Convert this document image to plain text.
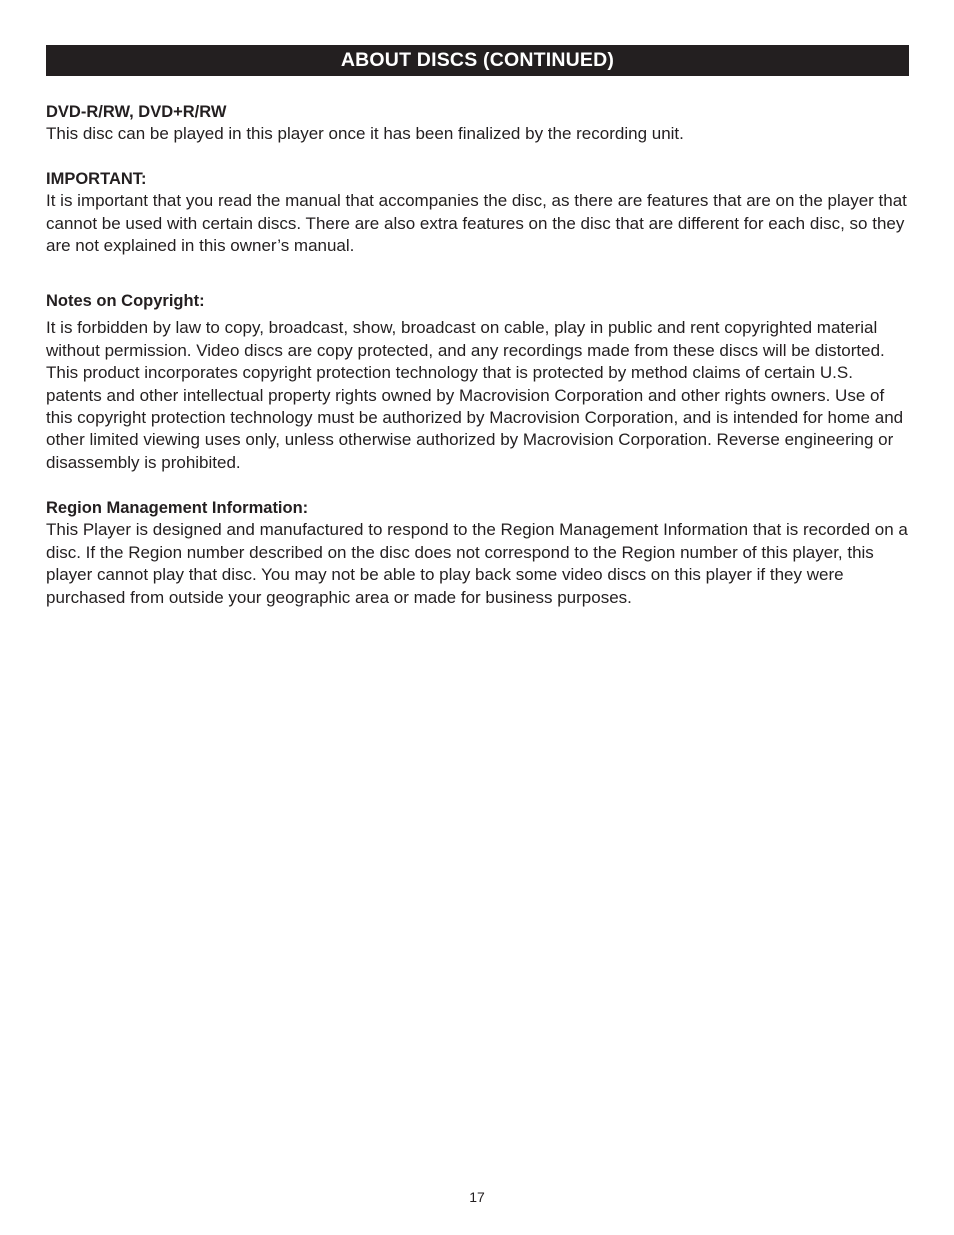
ABOUT DISCS (CONTINUED)

DVD-R/RW, DVD+R/RW

This disc can be played in this player once it has been finalized by the recording unit.

IMPORTANT:

It is important that you read the manual that accompanies the disc, as there are features that are on the player that cannot be used with certain discs. There are also extra features on the disc that are different for each disc, so they are not explained in this owner’s manual.

Notes on Copyright:

It is forbidden by law to copy, broadcast, show, broadcast on cable, play in public and rent copyrighted material without permission. Video discs are copy protected, and any recordings made from these discs will be distorted. This product incorporates copyright protection technology that is protected by method claims of certain U.S. patents and other intellectual property rights owned by Macrovision Corporation and other rights owners. Use of this copyright protection technology must be authorized by Macrovision Corporation, and is intended for home and other limited viewing uses only, unless otherwise authorized by Macrovision Corporation. Reverse engineering or disassembly is prohibited.

Region Management Information:

This Player is designed and manufactured to respond to the Region Management Information that is recorded on a disc. If the Region number described on the disc does not correspond to the Region number of this player, this player cannot play that disc. You may not be able to play back some video discs on this player if they were purchased from outside your geographic area or made for business purposes.

17
